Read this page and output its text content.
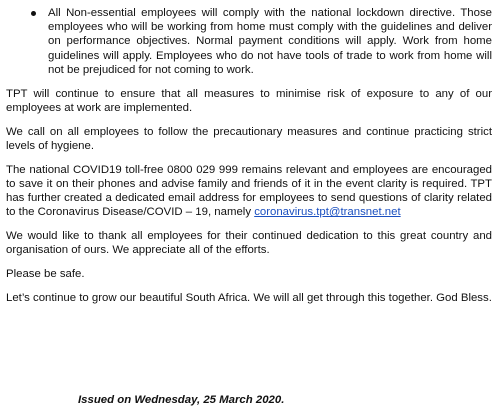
All Non-essential employees will comply with the national lockdown directive. Those employees who will be working from home must comply with the guidelines and deliver on performance objectives. Normal payment conditions will apply. Work from home guidelines will apply. Employees who do not have tools of trade to work from home will not be prejudiced for not coming to work.

TPT will continue to ensure that all measures to minimise risk of exposure to any of our employees at work are implemented.

We call on all employees to follow the precautionary measures and continue practicing strict levels of hygiene.

The national COVID19 toll-free 0800 029 999 remains relevant and employees are encouraged to save it on their phones and advise family and friends of it in the event clarity is required. TPT has further created a dedicated email address for employees to send questions of clarity related to the Coronavirus Disease/COVID – 19, namely coronavirus.tpt@transnet.net

We would like to thank all employees for their continued dedication to this great country and organisation of ours. We appreciate all of the efforts.

Please be safe.

Let’s continue to grow our beautiful South Africa. We will all get through this together. God Bless.

Issued on Wednesday, 25 March 2020.
